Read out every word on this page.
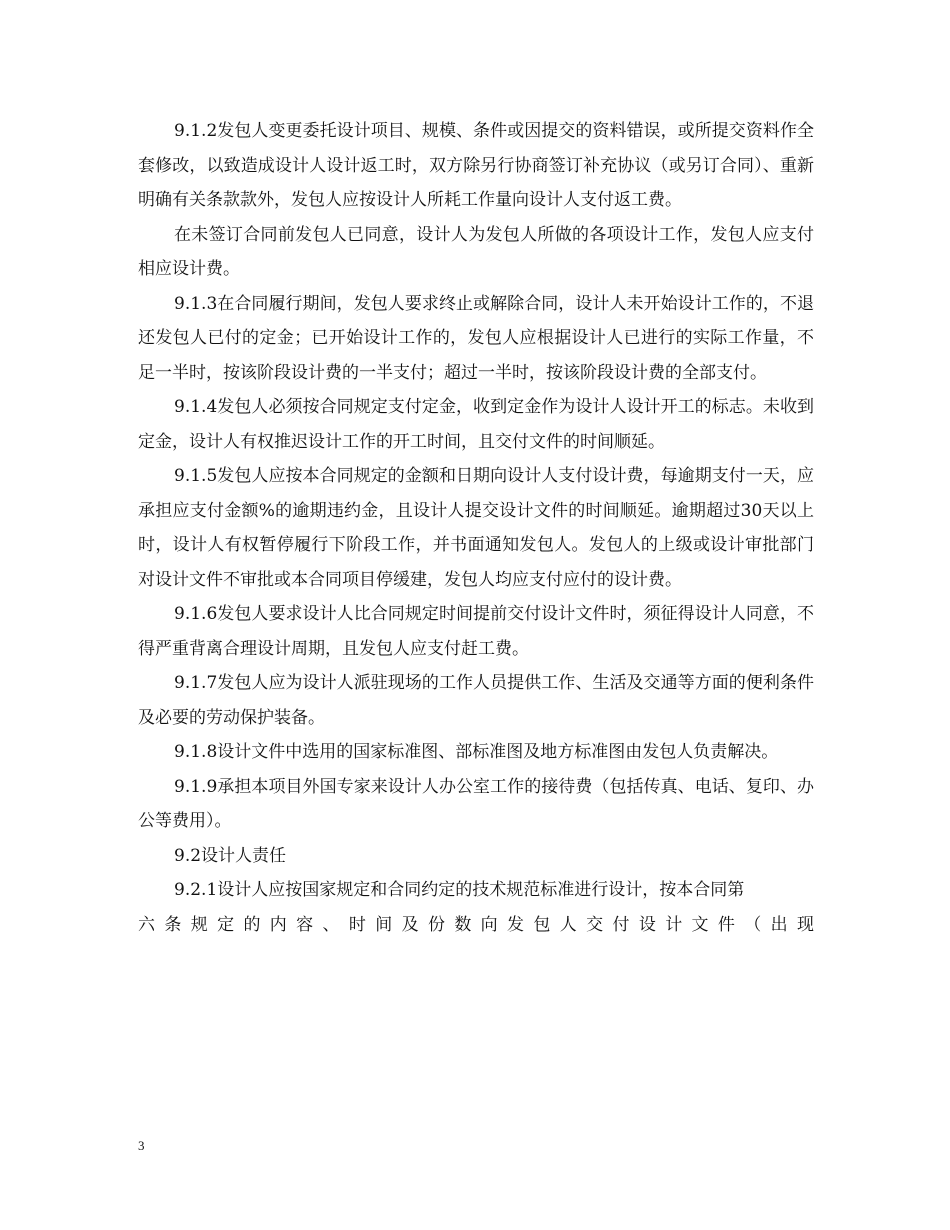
9.1.2发包人变更委托设计项目、规模、条件或因提交的资料错误，或所提交资料作全套修改，以致造成设计人设计返工时，双方除另行协商签订补充协议（或另订合同）、重新明确有关条款款外，发包人应按设计人所耗工作量向设计人支付返工费。

在未签订合同前发包人已同意，设计人为发包人所做的各项设计工作，发包人应支付相应设计费。

9.1.3在合同履行期间，发包人要求终止或解除合同，设计人未开始设计工作的，不退还发包人已付的定金；已开始设计工作的，发包人应根据设计人已进行的实际工作量，不足一半时，按该阶段设计费的一半支付；超过一半时，按该阶段设计费的全部支付。

9.1.4发包人必须按合同规定支付定金，收到定金作为设计人设计开工的标志。未收到定金，设计人有权推迟设计工作的开工时间，且交付文件的时间顺延。

9.1.5发包人应按本合同规定的金额和日期向设计人支付设计费，每逾期支付一天，应承担应支付金额%的逾期违约金，且设计人提交设计文件的时间顺延。逾期超过30天以上时，设计人有权暂停履行下阶段工作，并书面通知发包人。发包人的上级或设计审批部门对设计文件不审批或本合同项目停缓建，发包人均应支付应付的设计费。

9.1.6发包人要求设计人比合同规定时间提前交付设计文件时，须征得设计人同意，不得严重背离合理设计周期，且发包人应支付赶工费。

9.1.7发包人应为设计人派驻现场的工作人员提供工作、生活及交通等方面的便利条件及必要的劳动保护装备。

9.1.8设计文件中选用的国家标准图、部标准图及地方标准图由发包人负责解决。

9.1.9承担本项目外国专家来设计人办公室工作的接待费（包括传真、电话、复印、办公等费用）。

9.2设计人责任

9.2.1设计人应按国家规定和合同约定的技术规范标准进行设计，按本合同第

六条规定的内容、时间及份数向发包人交付设计文件（出现

3
